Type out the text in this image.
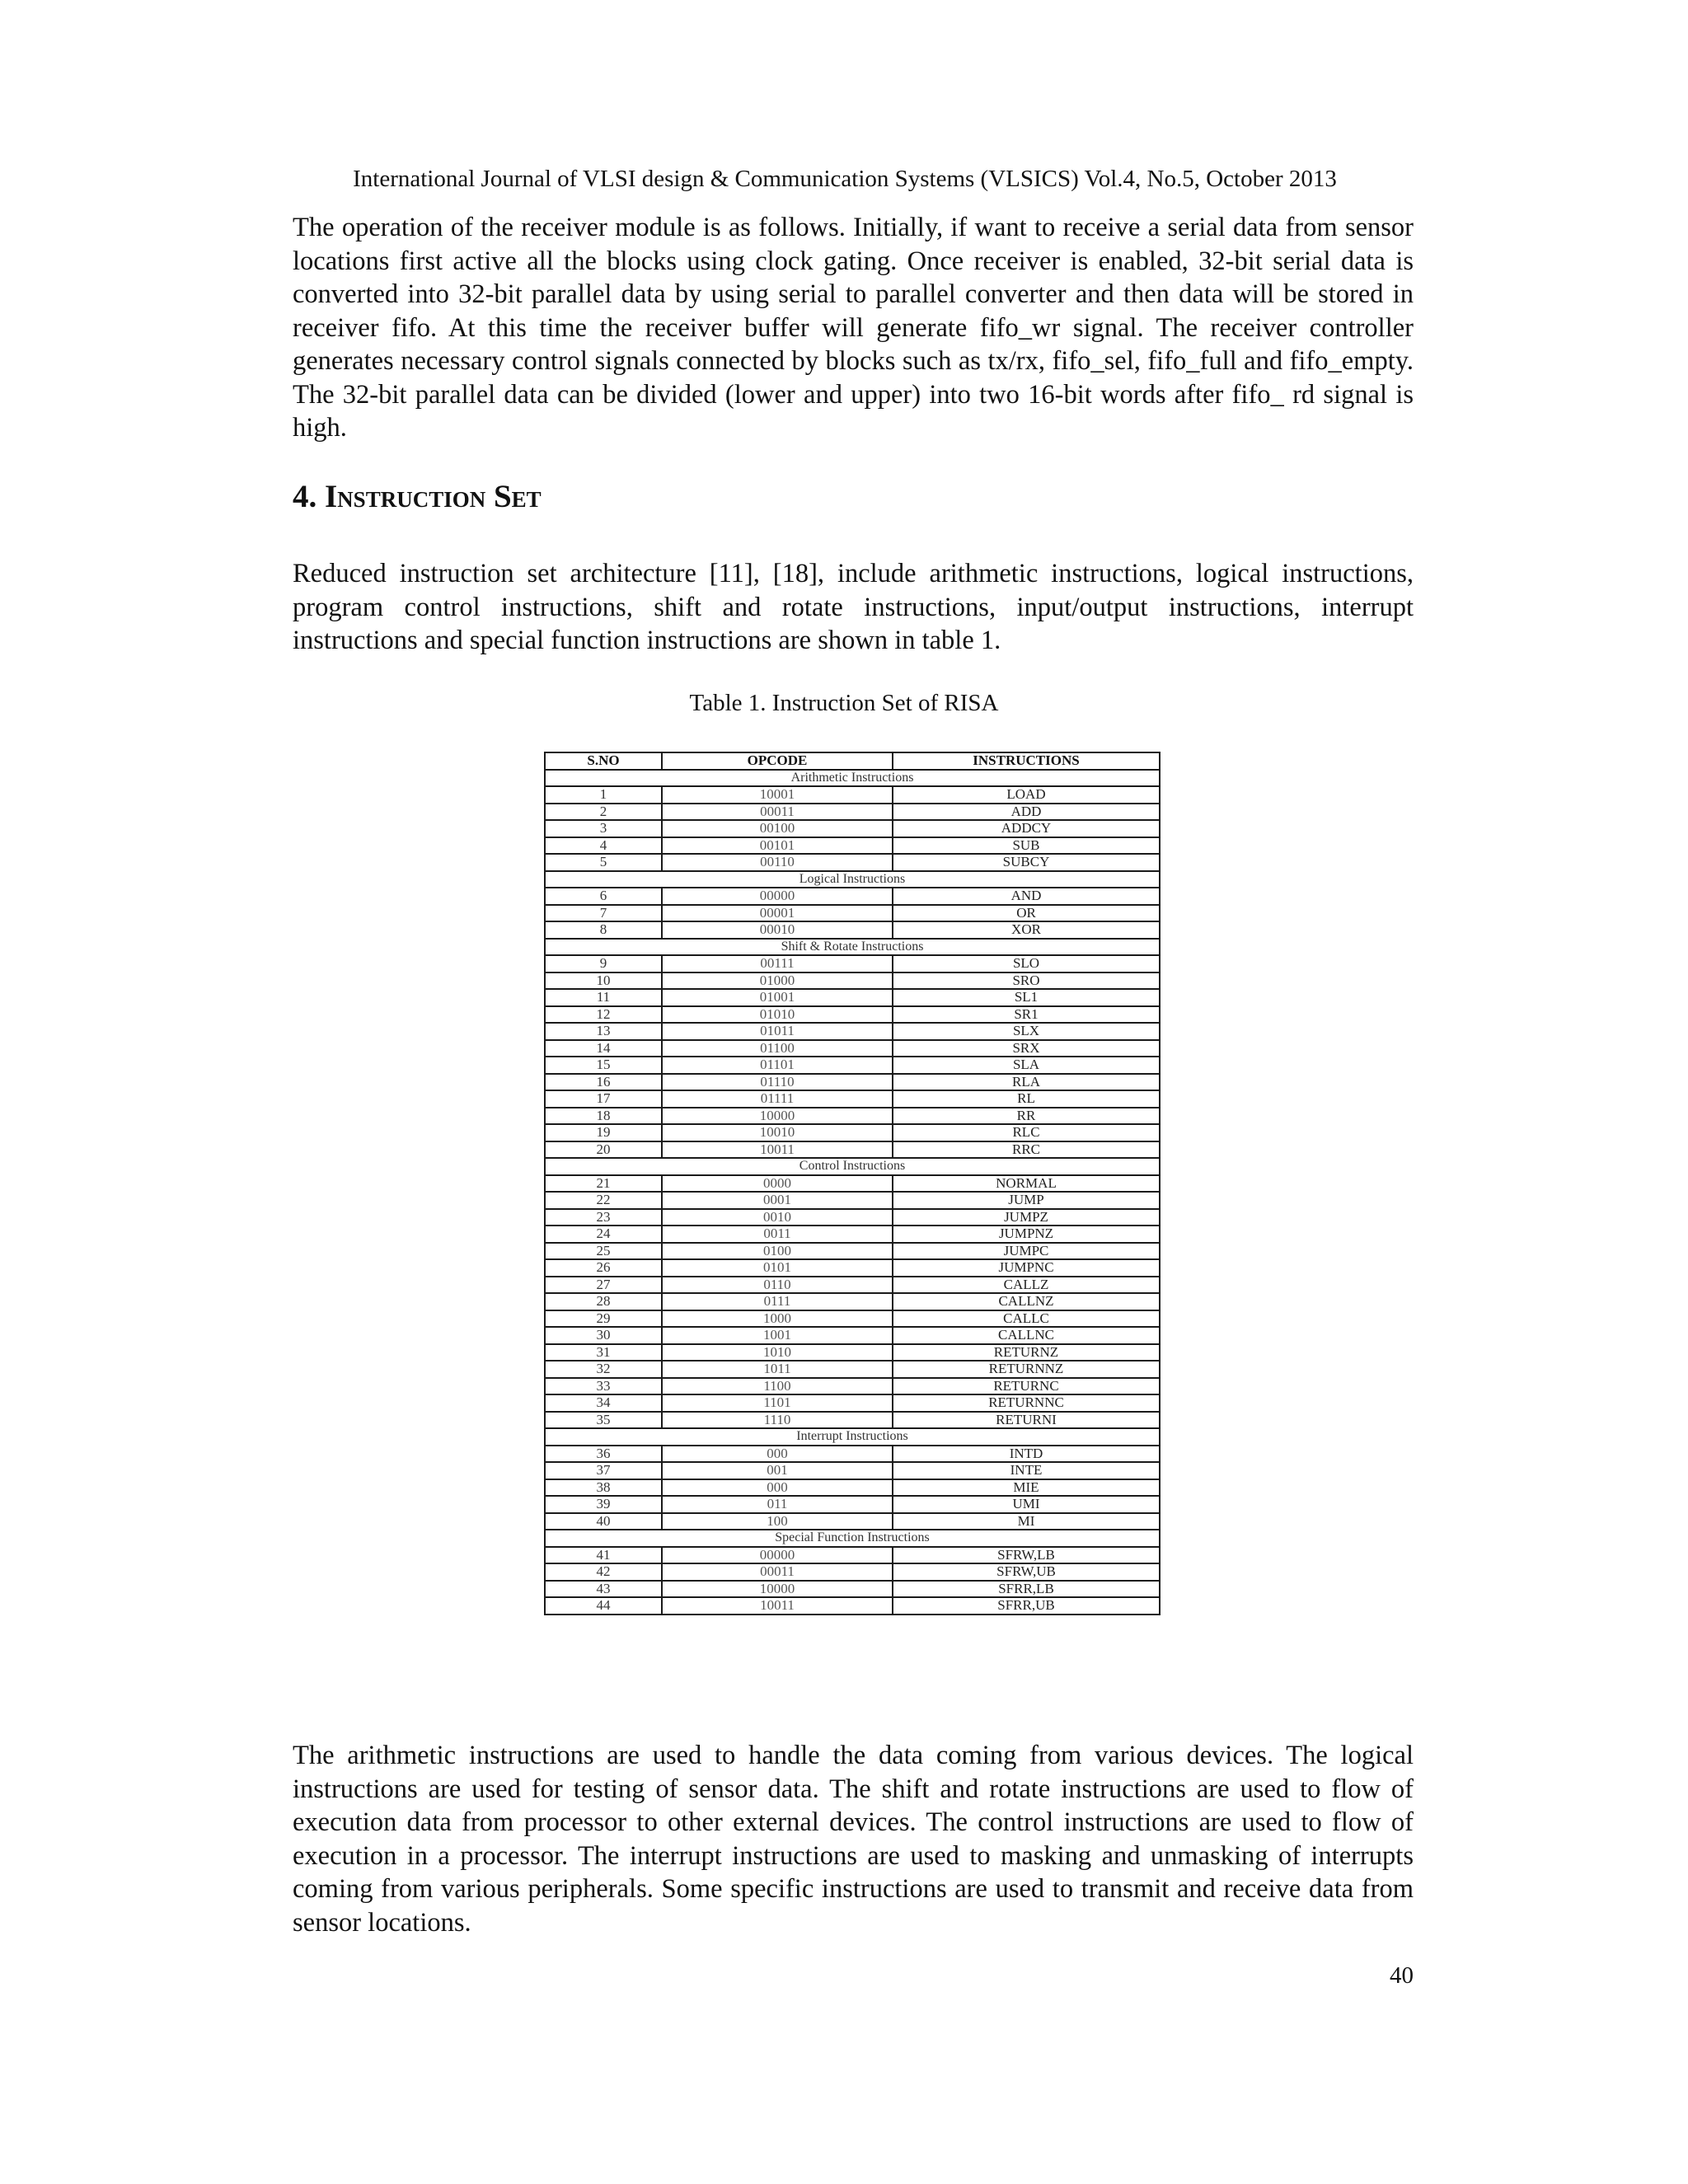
International Journal of VLSI design & Communication Systems (VLSICS) Vol.4, No.5, October 2013

The operation of the receiver module is as follows. Initially, if want to receive a serial data from sensor locations first active all the blocks using clock gating. Once receiver is enabled, 32-bit serial data is converted into 32-bit parallel data by using serial to parallel converter and then data will be stored in receiver fifo. At this time the receiver buffer will generate fifo_wr signal. The receiver controller generates necessary control signals connected by blocks such as tx/rx, fifo_sel, fifo_full and fifo_empty. The 32-bit parallel data can be divided (lower and upper) into two 16-bit words after fifo_ rd signal is high.

4. Instruction Set

Reduced instruction set architecture [11], [18], include arithmetic instructions, logical instructions, program control instructions, shift and rotate instructions, input/output instructions, interrupt instructions and special function instructions are shown in table 1.

Table 1. Instruction Set of RISA
S.NO	OPCODE	INSTRUCTIONS
Arithmetic Instructions		
1	10001	LOAD
2	00011	ADD
3	00100	ADDCY
4	00101	SUB
5	00110	SUBCY
Logical Instructions		
6	00000	AND
7	00001	OR
8	00010	XOR
Shift & Rotate Instructions		
9	00111	SLO
10	01000	SRO
11	01001	SL1
12	01010	SR1
13	01011	SLX
14	01100	SRX
15	01101	SLA
16	01110	RLA
17	01111	RL
18	10000	RR
19	10010	RLC
20	10011	RRC
Control Instructions		
21	0000	NORMAL
22	0001	JUMP
23	0010	JUMPZ
24	0011	JUMPNZ
25	0100	JUMPC
26	0101	JUMPNC
27	0110	CALLZ
28	0111	CALLNZ
29	1000	CALLC
30	1001	CALLNC
31	1010	RETURNZ
32	1011	RETURNNZ
33	1100	RETURNC
34	1101	RETURNNC
35	1110	RETURNI
Interrupt Instructions		
36	000	INTD
37	001	INTE
38	000	MIE
39	011	UMI
40	100	MI
Special Function Instructions		
41	00000	SFRW,LB
42	00011	SFRW,UB
43	10000	SFRR,LB
44	10011	SFRR,UB

The arithmetic instructions are used to handle the data coming from various devices. The logical instructions are used for testing of sensor data. The shift and rotate instructions are used to flow of execution data from processor to other external devices. The control instructions are used to flow of execution in a processor. The interrupt instructions are used to masking and unmasking of interrupts coming from various peripherals. Some specific instructions are used to transmit and receive data from sensor locations.

40
